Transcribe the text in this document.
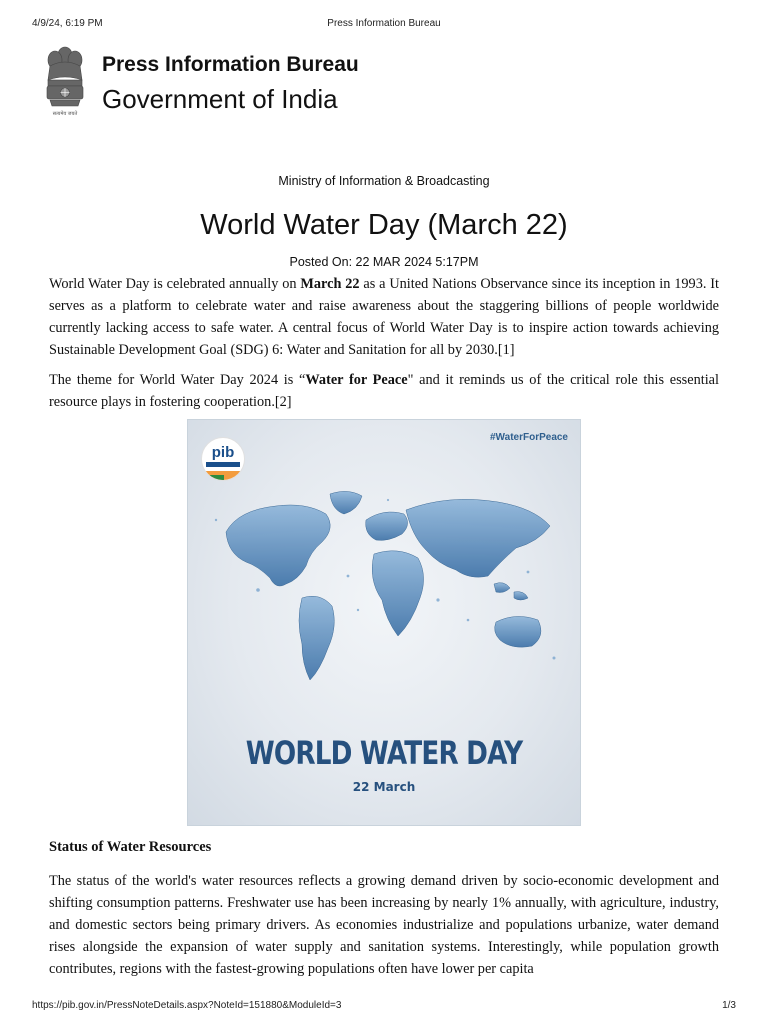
4/9/24, 6:19 PM	Press Information Bureau
सत्यमेव जयते
Press Information Bureau
Government of India
Ministry of Information & Broadcasting
World Water Day (March 22)
Posted On: 22 MAR 2024 5:17PM

World Water Day is celebrated annually on March 22 as a United Nations Observance since its inception in 1993. It serves as a platform to celebrate water and raise awareness about the staggering billions of people worldwide currently lacking access to safe water. A central focus of World Water Day is to inspire action towards achieving Sustainable Development Goal (SDG) 6: Water and Sanitation for all by 2030.[1]

The theme for World Water Day 2024 is “Water for Peace" and it reminds us of the critical role this essential resource plays in fostering cooperation.[2]

pib
#WaterForPeace
WORLD WATER DAY
22 March
Status of Water Resources

The status of the world's water resources reflects a growing demand driven by socio-economic development and shifting consumption patterns. Freshwater use has been increasing by nearly 1% annually, with agriculture, industry, and domestic sectors being primary drivers. As economies industrialize and populations urbanize, water demand rises alongside the expansion of water supply and sanitation systems. Interestingly, while population growth contributes, regions with the fastest-growing populations often have lower per capita

https://pib.gov.in/PressNoteDetails.aspx?NoteId=151880&ModuleId=3	1/3
